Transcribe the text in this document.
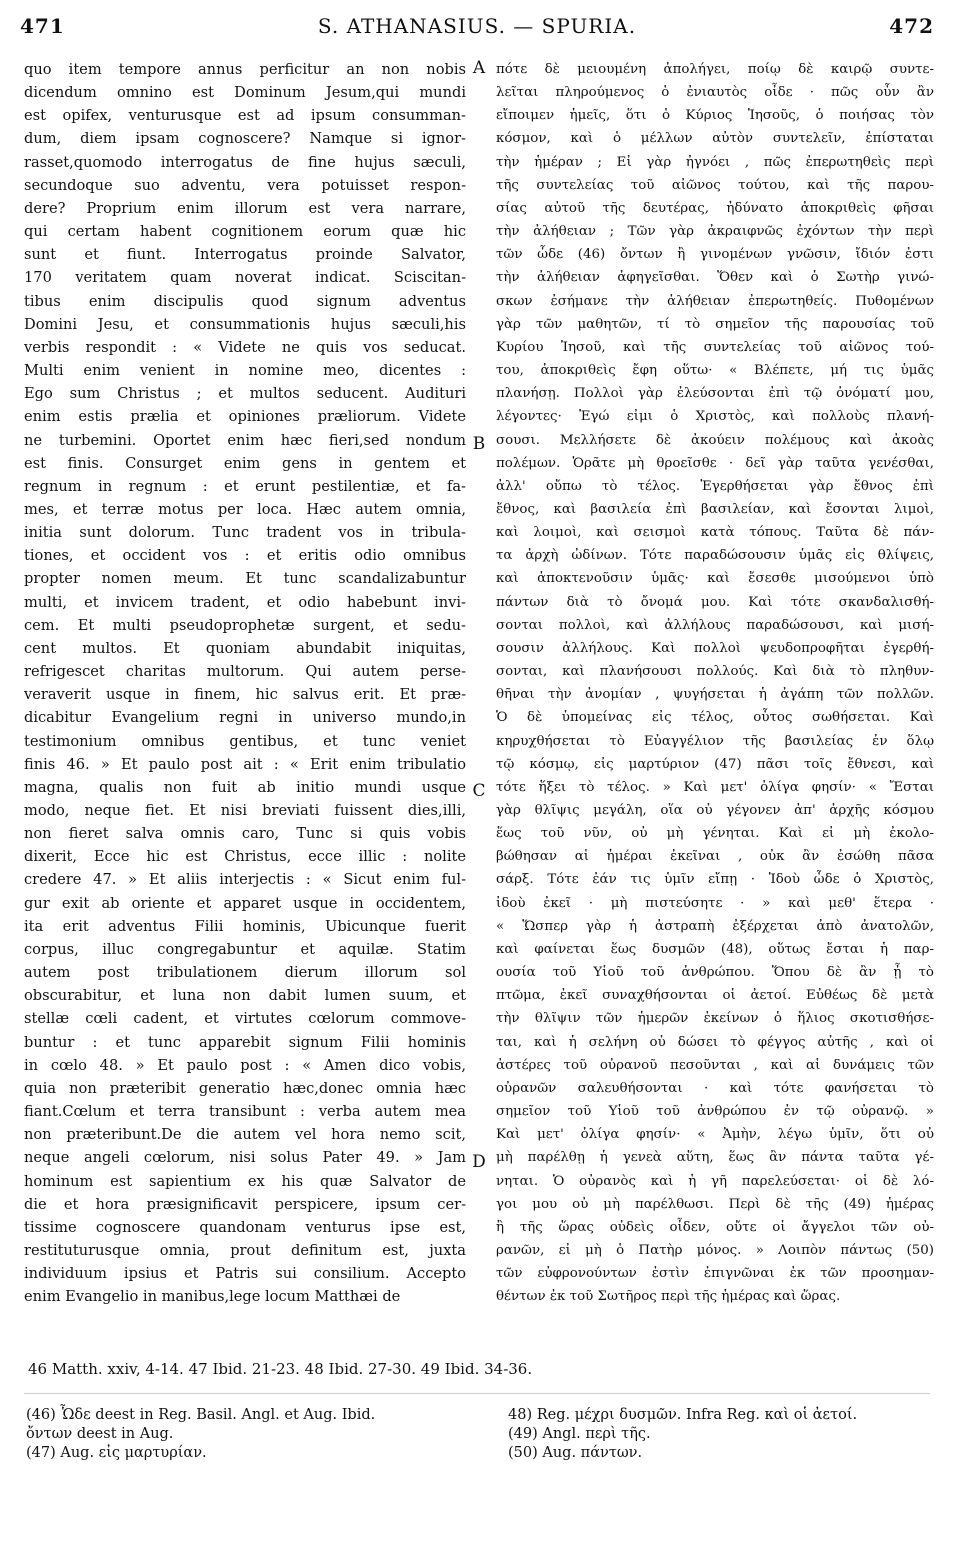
471	S. ATHANASIUS. — SPURIA.	472
quo item tempore annus perficitur an non nobis
dicendum omnino est Dominum Jesum,qui mundi
est opifex, venturusque est ad ipsum consumman-
dum, diem ipsam cognoscere? Namque si ignor-
rasset,quomodo interrogatus de fine hujus sæculi,
secundoque suo adventu, vera potuisset respon-
dere? Proprium enim illorum est vera narrare,
qui certam habent cognitionem eorum quæ hic
sunt et fiunt. Interrogatus proinde Salvator,
170 veritatem quam noverat indicat. Sciscitan-
tibus enim discipulis quod signum adventus
Domini Jesu, et consummationis hujus sæculi,his
verbis respondit : « Videte ne quis vos seducat.
Multi enim venient in nomine meo, dicentes :
Ego sum Christus ; et multos seducent. Audituri
enim estis prælia et opiniones præliorum. Videte
ne turbemini. Oportet enim hæc fieri,sed nondum
est finis. Consurget enim gens in gentem et
regnum in regnum : et erunt pestilentiæ, et fa-
mes, et terræ motus per loca. Hæc autem omnia,
initia sunt dolorum. Tunc tradent vos in tribula-
tiones, et occident vos : et eritis odio omnibus
propter nomen meum. Et tunc scandalizabuntur
multi, et invicem tradent, et odio habebunt invi-
cem. Et multi pseudoprophetæ surgent, et sedu-
cent multos. Et quoniam abundabit iniquitas,
refrigescet charitas multorum. Qui autem perse-
veraverit usque in finem, hic salvus erit. Et præ-
dicabitur Evangelium regni in universo mundo,in
testimonium omnibus gentibus, et tunc veniet
finis 46. » Et paulo post ait : « Erit enim tribulatio
magna, qualis non fuit ab initio mundi usque
modo, neque fiet. Et nisi breviati fuissent dies,illi,
non fieret salva omnis caro, Tunc si quis vobis
dixerit, Ecce hic est Christus, ecce illic : nolite
credere 47. » Et aliis interjectis : « Sicut enim ful-
gur exit ab oriente et apparet usque in occidentem,
ita erit adventus Filii hominis, Ubicunque fuerit
corpus, illuc congregabuntur et aquilæ. Statim
autem post tribulationem dierum illorum sol
obscurabitur, et luna non dabit lumen suum, et
stellæ cœli cadent, et virtutes cœlorum commove-
buntur : et tunc apparebit signum Filii hominis
in cœlo 48. » Et paulo post : « Amen dico vobis,
quia non præteribit generatio hæc,donec omnia hæc
fiant.Cœlum et terra transibunt : verba autem mea
non præteribunt.De die autem vel hora nemo scit,
neque angeli cœlorum, nisi solus Pater 49. » Jam
hominum est sapientium ex his quæ Salvator de
die et hora præsignificavit perspicere, ipsum cer-
tissime cognoscere quandonam venturus ipse est,
restituturusque omnia, prout definitum est, juxta
individuum ipsius et Patris sui consilium. Accepto
enim Evangelio in manibus,lege locum Matthæi de
πότε δὲ μειουμένη ἀπολήγει, ποίῳ δὲ καιρῷ συντε-
λεῖται πληρούμενος ὁ ἐνιαυτὸς οἶδε · πῶς οὖν ἂν
εἴποιμεν ἡμεῖς, ὅτι ὁ Κύριος Ἰησοῦς, ὁ ποιήσας τὸν
κόσμον, καὶ ὁ μέλλων αὐτὸν συντελεῖν, ἐπίσταται
τὴν ἡμέραν ; Εἰ γὰρ ἠγνόει , πῶς ἐπερωτηθεὶς περὶ
τῆς συντελείας τοῦ αἰῶνος τούτου, καὶ τῆς παρου-
σίας αὐτοῦ τῆς δευτέρας, ἠδύνατο ἀποκριθεὶς φῆσαι
τὴν ἀλήθειαν ; Τῶν γὰρ ἀκραιφνῶς ἐχόντων τὴν περὶ
τῶν ὧδε (46) ὄντων ἢ γινομένων γνῶσιν, ἴδιόν ἐστι
τὴν ἀλήθειαν ἀφηγεῖσθαι. Ὅθεν καὶ ὁ Σωτὴρ γινώ-
σκων ἐσήμανε τὴν ἀλήθειαν ἐπερωτηθείς. Πυθομένων
γὰρ τῶν μαθητῶν, τί τὸ σημεῖον τῆς παρουσίας τοῦ
Κυρίου Ἰησοῦ, καὶ τῆς συντελείας τοῦ αἰῶνος τού-
του, ἀποκριθεὶς ἔφη οὕτω· « Βλέπετε, μή τις ὑμᾶς
πλανήσῃ. Πολλοὶ γὰρ ἐλεύσονται ἐπὶ τῷ ὀνόματί μου,
λέγοντες· Ἐγώ εἰμι ὁ Χριστὸς, καὶ πολλοὺς πλανή-
σουσι. Μελλήσετε δὲ ἀκούειν πολέμους καὶ ἀκοὰς
πολέμων. Ὁρᾶτε μὴ θροεῖσθε · δεῖ γὰρ ταῦτα γενέσθαι,
ἀλλ' οὔπω τὸ τέλος. Ἐγερθήσεται γὰρ ἔθνος ἐπὶ
ἔθνος, καὶ βασιλεία ἐπὶ βασιλείαν, καὶ ἔσονται λιμοὶ,
καὶ λοιμοὶ, καὶ σεισμοὶ κατὰ τόπους. Ταῦτα δὲ πάν-
τα ἀρχὴ ὠδίνων. Τότε παραδώσουσιν ὑμᾶς εἰς θλίψεις,
καὶ ἀποκτενοῦσιν ὑμᾶς· καὶ ἔσεσθε μισούμενοι ὑπὸ
πάντων διὰ τὸ ὄνομά μου. Καὶ τότε σκανδαλισθή-
σονται πολλοὶ, καὶ ἀλλήλους παραδώσουσι, καὶ μισή-
σουσιν ἀλλήλους. Καὶ πολλοὶ ψευδοπροφῆται ἐγερθή-
σονται, καὶ πλανήσουσι πολλούς. Καὶ διὰ τὸ πληθυν-
θῆναι τὴν ἀνομίαν , ψυγήσεται ἡ ἀγάπη τῶν πολλῶν.
Ὁ δὲ ὑπομείνας εἰς τέλος, οὗτος σωθήσεται. Καὶ
κηρυχθήσεται τὸ Εὐαγγέλιον τῆς βασιλείας ἐν ὅλῳ
τῷ κόσμῳ, εἰς μαρτύριον (47) πᾶσι τοῖς ἔθνεσι, καὶ
τότε ἥξει τὸ τέλος. » Καὶ μετ' ὀλίγα φησίν· « Ἔσται
γὰρ θλῖψις μεγάλη, οἵα οὐ γέγονεν ἀπ' ἀρχῆς κόσμου
ἕως τοῦ νῦν, οὐ μὴ γένηται. Καὶ εἰ μὴ ἐκολο-
βώθησαν αἱ ἡμέραι ἐκεῖναι , οὐκ ἂν ἐσώθη πᾶσα
σάρξ. Τότε ἐάν τις ὑμῖν εἴπῃ · Ἰδοὺ ὧδε ὁ Χριστὸς,
ἰδοὺ ἐκεῖ · μὴ πιστεύσητε · » καὶ μεθ' ἕτερα ·
« Ὥσπερ γὰρ ἡ ἀστραπὴ ἐξέρχεται ἀπὸ ἀνατολῶν,
καὶ φαίνεται ἕως δυσμῶν (48), οὕτως ἔσται ἡ παρ-
ουσία τοῦ Υἱοῦ τοῦ ἀνθρώπου. Ὅπου δὲ ἂν ᾖ τὸ
πτῶμα, ἐκεῖ συναχθήσονται οἱ ἀετοί. Εὐθέως δὲ μετὰ
τὴν θλῖψιν τῶν ἡμερῶν ἐκείνων ὁ ἥλιος σκοτισθήσε-
ται, καὶ ἡ σελήνη οὐ δώσει τὸ φέγγος αὐτῆς , καὶ οἱ
ἀστέρες τοῦ οὐρανοῦ πεσοῦνται , καὶ αἱ δυνάμεις τῶν
οὐρανῶν σαλευθήσονται · καὶ τότε φανήσεται τὸ
σημεῖον τοῦ Υἱοῦ τοῦ ἀνθρώπου ἐν τῷ οὐρανῷ. »
Καὶ μετ' ὀλίγα φησίν· « Ἀμὴν, λέγω ὑμῖν, ὅτι οὐ
μὴ παρέλθῃ ἡ γενεὰ αὕτη, ἕως ἂν πάντα ταῦτα γέ-
νηται. Ὁ οὐρανὸς καὶ ἡ γῆ παρελεύσεται· οἱ δὲ λό-
γοι μου οὐ μὴ παρέλθωσι. Περὶ δὲ τῆς (49) ἡμέρας
ἢ τῆς ὥρας οὐδεὶς οἶδεν, οὔτε οἱ ἄγγελοι τῶν οὐ-
ρανῶν, εἰ μὴ ὁ Πατὴρ μόνος. » Λοιπὸν πάντως (50)
τῶν εὐφρονούντων ἐστὶν ἐπιγνῶναι ἐκ τῶν προσημαν-
θέντων ἐκ τοῦ Σωτῆρος περὶ τῆς ἡμέρας καὶ ὥρας.
A
B
C
D
46 Matth. xxiv, 4-14. 47 Ibid. 21-23. 48 Ibid. 27-30. 49 Ibid. 34-36.
(46) Ὧδε deest in Reg. Basil. Angl. et Aug. Ibid.
ὄντων deest in Aug.
(47) Aug. εἰς μαρτυρίαν.
48) Reg. μέχρι δυσμῶν. Infra Reg. καὶ οἱ ἀετοί.
(49) Angl. περὶ τῆς.
(50) Aug. πάντων.
